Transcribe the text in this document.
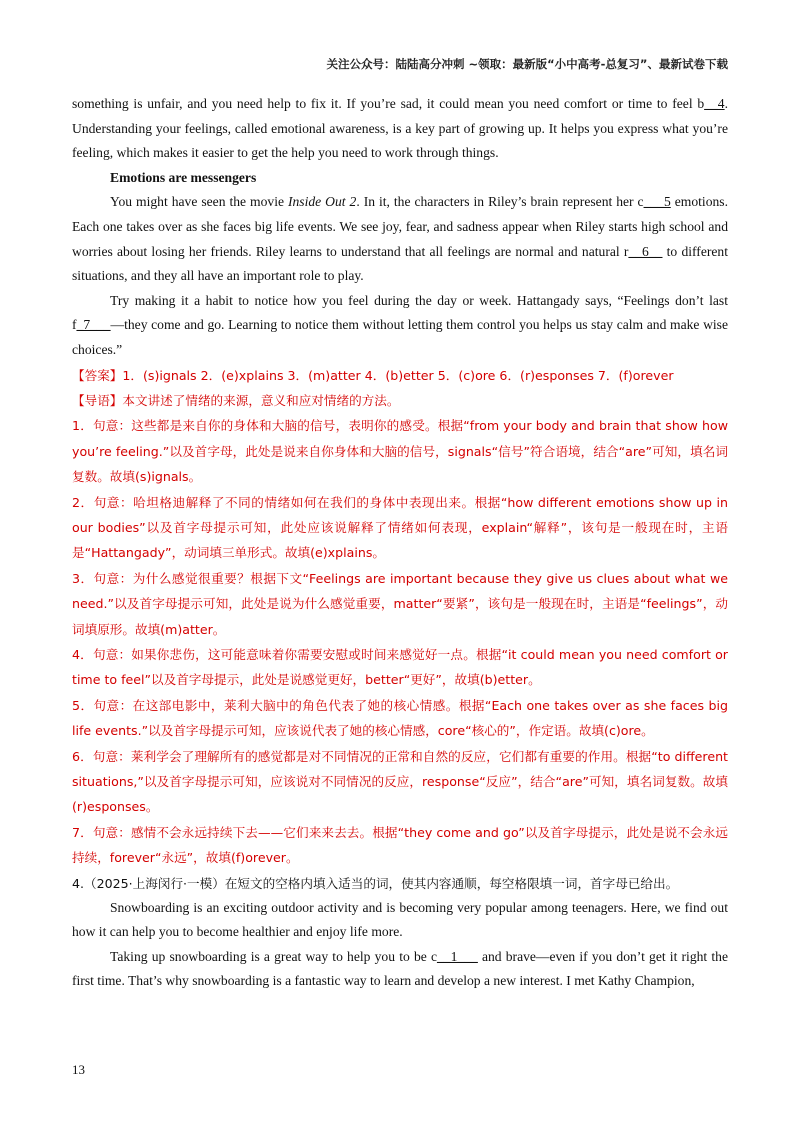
关注公众号：陆陆高分冲刺 ~领取：最新版“小中高考-总复习”、最新试卷下载

something is unfair, and you need help to fix it. If you’re sad, it could mean you need comfort or time to feel b__4. Understanding your feelings, called emotional awareness, is a key part of growing up. It helps you express what you’re feeling, which makes it easier to get the help you need to work through things.

Emotions are messengers

You might have seen the movie Inside Out 2. In it, the characters in Riley’s brain represent her c___5 emotions. Each one takes over as she faces big life events. We see joy, fear, and sadness appear when Riley starts high school and worries about losing her friends. Riley learns to understand that all feelings are normal and natural r__6__ to different situations, and they all have an important role to play.

Try making it a habit to notice how you feel during the day or week. Hattangady says, “Feelings don’t last f_7___—they come and go. Learning to notice them without letting them control you helps us stay calm and make wise choices.”

【答案】1．(s)ignals 2．(e)xplains 3．(m)atter 4．(b)etter 5．(c)ore 6．(r)esponses 7．(f)orever

【导语】本文讲述了情绪的来源，意义和应对情绪的方法。

1．句意：这些都是来自你的身体和大脑的信号，表明你的感受。根据“from your body and brain that show how you’re feeling.”以及首字母，此处是说来自你身体和大脑的信号，signals“信号”符合语境，结合“are”可知，填名词复数。故填(s)ignals。

2．句意：哈坦格迪解释了不同的情绪如何在我们的身体中表现出来。根据“how different emotions show up in our bodies”以及首字母提示可知，此处应该说解释了情绪如何表现，explain“解释”，该句是一般现在时，主语是“Hattangady”，动词填三单形式。故填(e)xplains。

3．句意：为什么感觉很重要？根据下文“Feelings are important because they give us clues about what we need.”以及首字母提示可知，此处是说为什么感觉重要，matter“要紧”，该句是一般现在时，主语是“feelings”，动词填原形。故填(m)atter。

4．句意：如果你悲伤，这可能意味着你需要安慰或时间来感觉好一点。根据“it could mean you need comfort or time to feel”以及首字母提示，此处是说感觉更好，better“更好”，故填(b)etter。

5．句意：在这部电影中，莱利大脑中的角色代表了她的核心情感。根据“Each one takes over as she faces big life events.”以及首字母提示可知，应该说代表了她的核心情感，core“核心的”，作定语。故填(c)ore。

6．句意：莱利学会了理解所有的感觉都是对不同情况的正常和自然的反应，它们都有重要的作用。根据“to different situations,”以及首字母提示可知，应该说对不同情况的反应，response“反应”，结合“are”可知，填名词复数。故填(r)esponses。

7．句意：感情不会永远持续下去——它们来来去去。根据“they come and go”以及首字母提示，此处是说不会永远持续，forever“永远”，故填(f)orever。

4.（2025·上海闵行·一模）在短文的空格内填入适当的词，使其内容通顺，每空格限填一词，首字母已给出。

Snowboarding is an exciting outdoor activity and is becoming very popular among teenagers. Here, we find out how it can help you to become healthier and enjoy life more.

Taking up snowboarding is a great way to help you to be c__1___ and brave—even if you don’t get it right the first time. That’s why snowboarding is a fantastic way to learn and develop a new interest. I met Kathy Champion,

13
